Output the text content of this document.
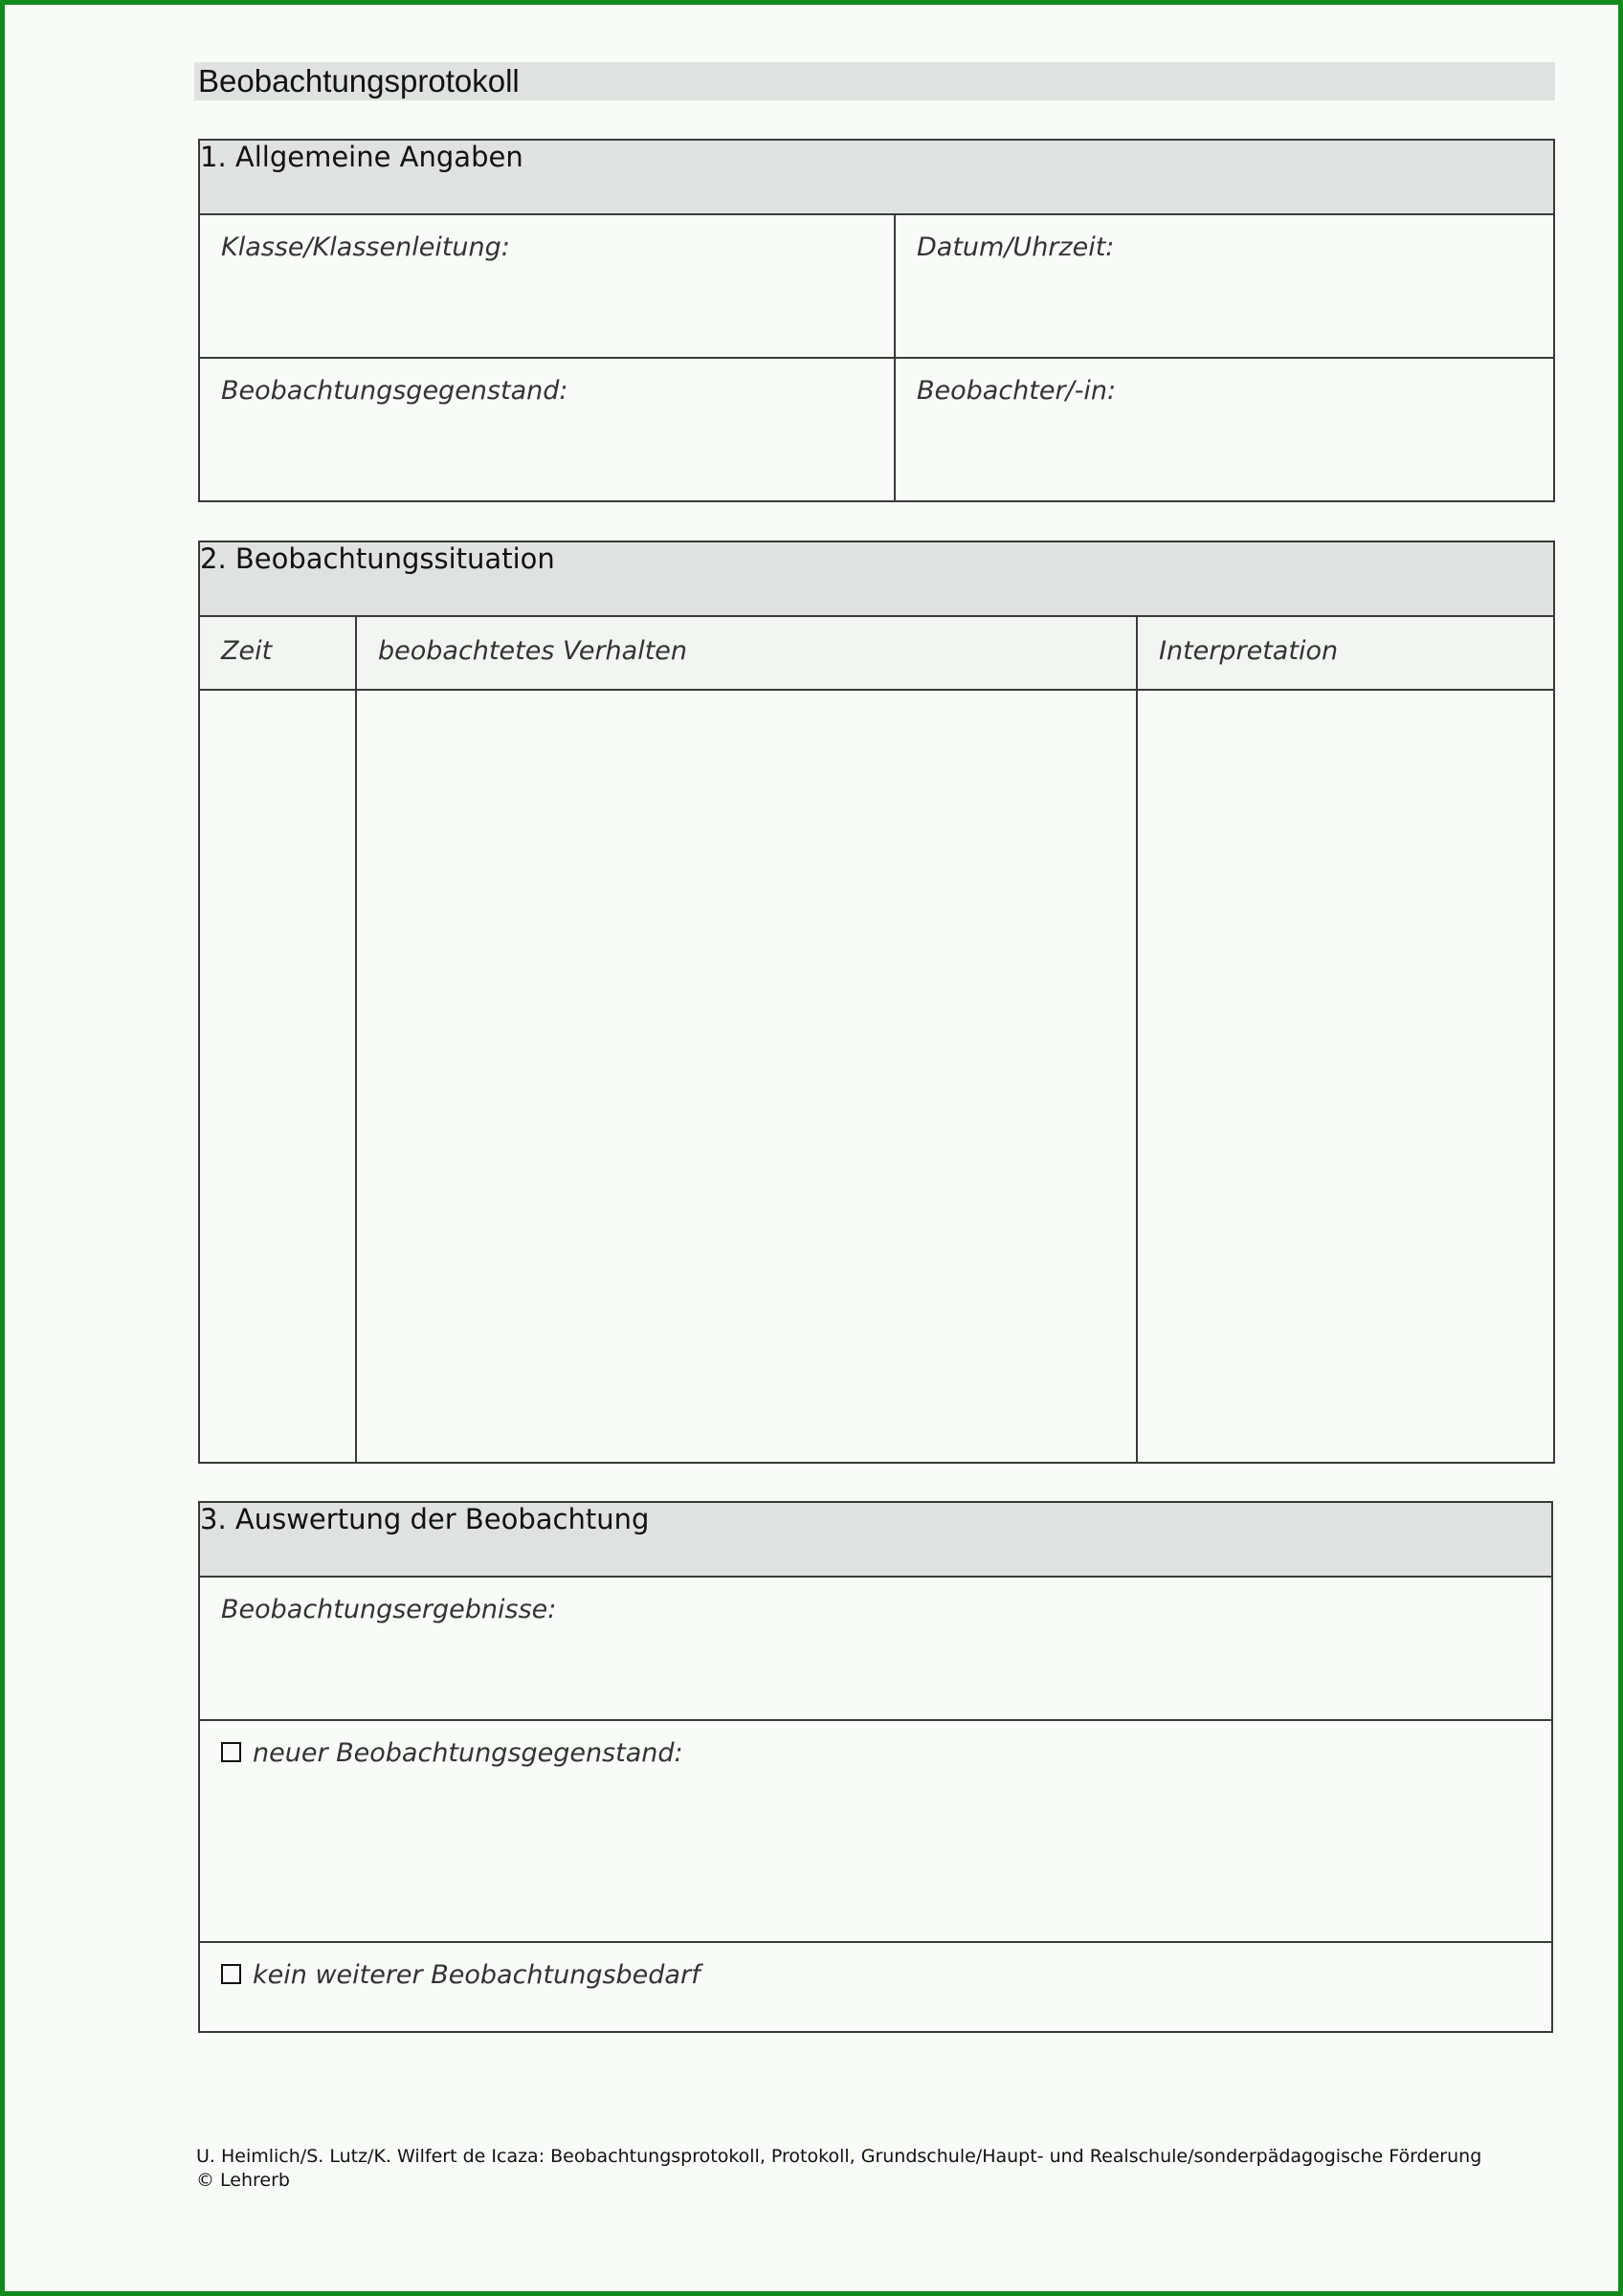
Beobachtungsprotokoll
1. Allgemeine Angaben	

Klasse/Klassenleitung:	Datum/Uhrzeit:

Beobachtungsgegenstand:	Beobachter/-in:
2. Beobachtungssituation		

Zeit	beobachtetes Verhalten	Interpretation

3. Auswertung der Beobachtung

Beobachtungsergebnisse:

neuer Beobachtungsgegenstand:

kein weiterer Beobachtungsbedarf
U. Heimlich/S. Lutz/K. Wilfert de Icaza: Beobachtungsprotokoll, Protokoll, Grundschule/Haupt- und Realschule/sonderpädagogische Förderung
© Lehrerb
